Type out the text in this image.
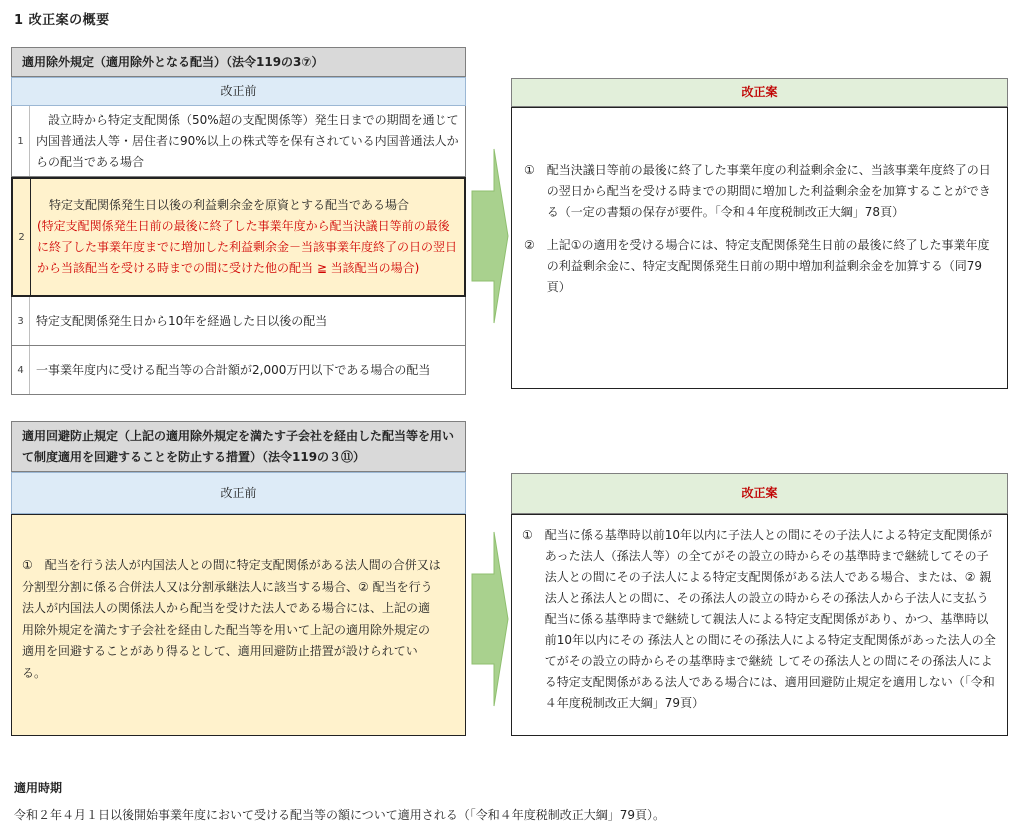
1 改正案の概要
適用除外規定（適用除外となる配当）（法令119の3⑦）
改正前
1
設立時から特定支配関係（50%超の支配関係等）発生日までの期間を通じて内国普通法人等・居住者に90%以上の株式等を保有されている内国普通法人からの配当である場合
2
特定支配関係発生日以後の利益剰余金を原資とする配当である場合
(特定支配関係発生日前の最後に終了した事業年度から配当決議日等前の最後に終了した事業年度までに増加した利益剰余金－当該事業年度終了の日の翌日から当該配当を受ける時までの間に受けた他の配当 ≧ 当該配当の場合)
3	特定支配関係発生日から10年を経過した日以後の配当
4	一事業年度内に受ける配当等の合計額が2,000万円以下である場合の配当
改正案
①　配当決議日等前の最後に終了した事業年度の利益剰余金に、当該事業年度終了の日の翌日から配当を受ける時までの期間に増加した利益剰余金を加算することができる（一定の書類の保存が要件。「令和４年度税制改正大綱」78頁）
②　上記①の適用を受ける場合には、特定支配関係発生日前の最後に終了した事業年度の利益剰余金に、特定支配関係発生日前の期中増加利益剰余金を加算する（同79頁）
適用回避防止規定（上記の適用除外規定を満たす子会社を経由した配当等を用いて制度適用を回避することを防止する措置）（法令119の３⑪）
改正前
①　配当を行う法人が内国法人との間に特定支配関係がある法人間の合併又は分割型分割に係る合併法人又は分割承継法人に該当する場合、② 配当を行う法人が内国法人の関係法人から配当を受けた法人である場合には、上記の適用除外規定を満たす子会社を経由した配当等を用いて上記の適用除外規定の適用を回避することがあり得るとして、適用回避防止措置が設けられている。
改正案
①　配当に係る基準時以前10年以内に子法人との間にその子法人による特定支配関係があった法人（孫法人等）の全てがその設立の時からその基準時まで継続してその子法人との間にその子法人による特定支配関係がある法人である場合、または、② 親法人と孫法人との間に、その孫法人の設立の時からその孫法人から子法人に支払う配当に係る基準時まで継続して親法人による特定支配関係があり、かつ、基準時以前10年以内にその 孫法人との間にその孫法人による特定支配関係があった法人の全てがその設立の時からその基準時まで継続 してその孫法人との間にその孫法人による特定支配関係がある法人である場合には、適用回避防止規定を適用しない（「令和４年度税制改正大綱」79頁）
適用時期
令和２年４月１日以後開始事業年度において受ける配当等の額について適用される（「令和４年度税制改正大綱」79頁）。
